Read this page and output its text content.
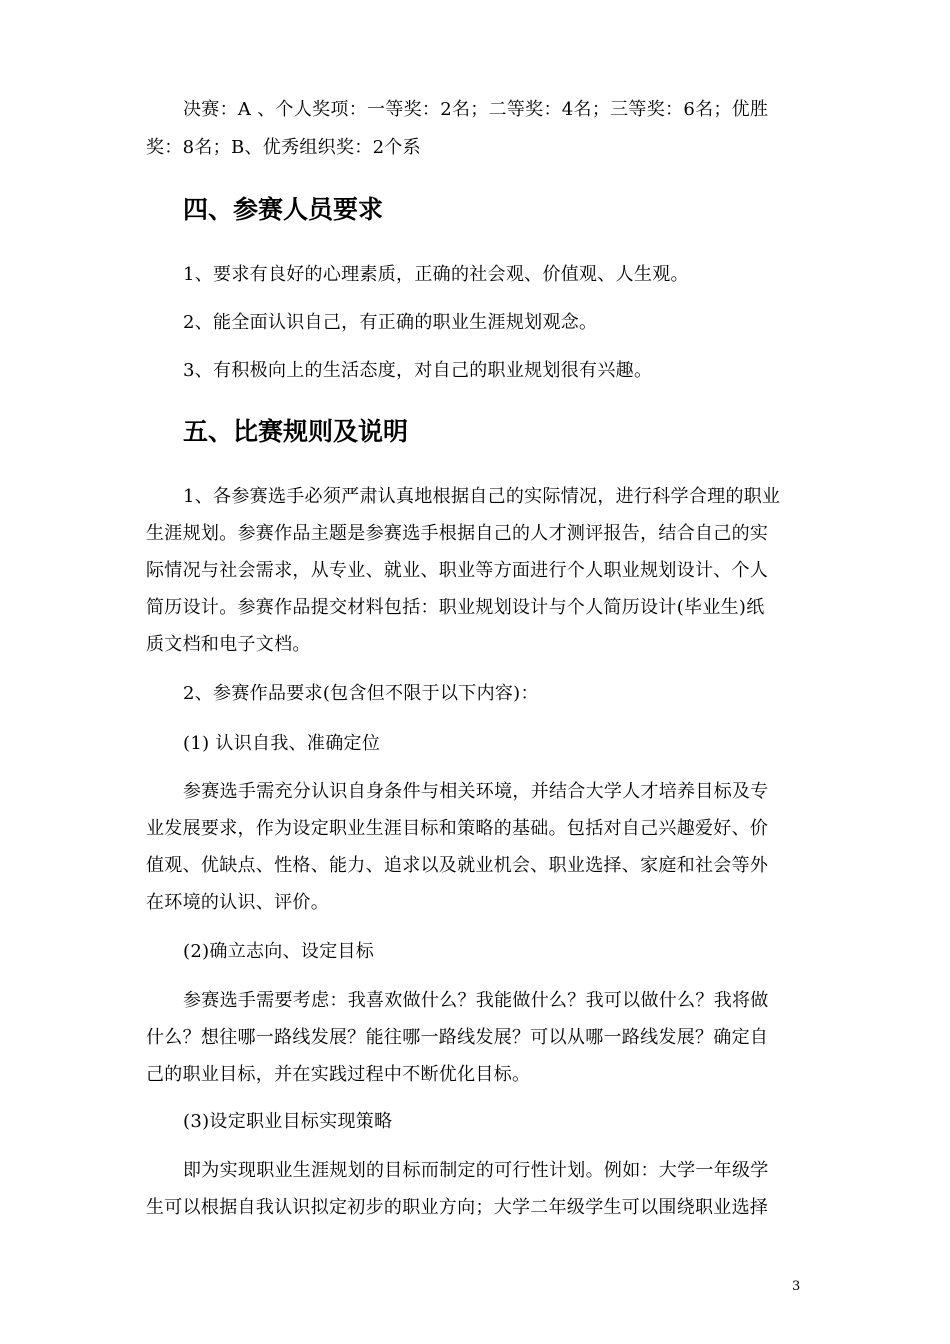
决赛：A 、个人奖项：一等奖：2名；二等奖：4名；三等奖：6名；优胜
奖：8名；B、优秀组织奖：2个系
四、参赛人员要求
1、要求有良好的心理素质，正确的社会观、价值观、人生观。
2、能全面认识自己，有正确的职业生涯规划观念。
3、有积极向上的生活态度，对自己的职业规划很有兴趣。
五、比赛规则及说明
1、各参赛选手必须严肃认真地根据自己的实际情况，进行科学合理的职业
生涯规划。参赛作品主题是参赛选手根据自己的人才测评报告，结合自己的实
际情况与社会需求，从专业、就业、职业等方面进行个人职业规划设计、个人
简历设计。参赛作品提交材料包括：职业规划设计与个人简历设计(毕业生)纸
质文档和电子文档。
2、参赛作品要求(包含但不限于以下内容)：
(1) 认识自我、准确定位
参赛选手需充分认识自身条件与相关环境，并结合大学人才培养目标及专
业发展要求，作为设定职业生涯目标和策略的基础。包括对自己兴趣爱好、价
值观、优缺点、性格、能力、追求以及就业机会、职业选择、家庭和社会等外
在环境的认识、评价。
(2)确立志向、设定目标
参赛选手需要考虑：我喜欢做什么？我能做什么？我可以做什么？我将做
什么？想往哪一路线发展？能往哪一路线发展？可以从哪一路线发展？确定自
己的职业目标，并在实践过程中不断优化目标。
(3)设定职业目标实现策略
即为实现职业生涯规划的目标而制定的可行性计划。例如：大学一年级学
生可以根据自我认识拟定初步的职业方向；大学二年级学生可以围绕职业选择
3
